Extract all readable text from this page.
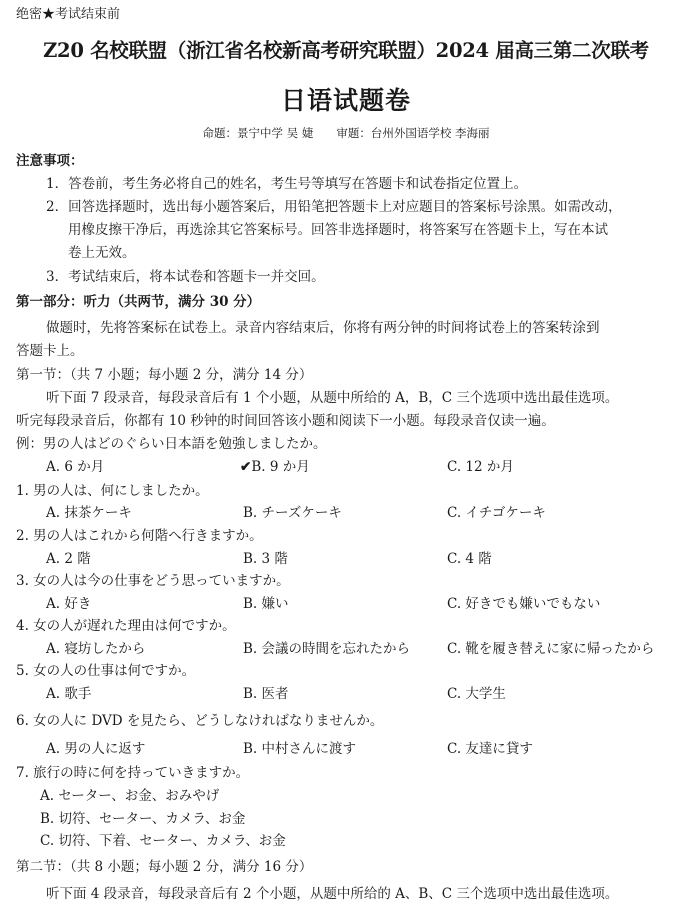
绝密★考试结束前
Z20 名校联盟（浙江省名校新高考研究联盟）2024 届高三第二次联考
日语试题卷
命题：景宁中学 吴 婕　　审题：台州外国语学校 李海丽
注意事项：
1．答卷前，考生务必将自己的姓名，考生号等填写在答题卡和试卷指定位置上。
2．回答选择题时，选出每小题答案后，用铅笔把答题卡上对应题目的答案标号涂黑。如需改动，
用橡皮擦干净后，再选涂其它答案标号。回答非选择题时，将答案写在答题卡上，写在本试
卷上无效。
3．考试结束后，将本试卷和答题卡一并交回。
第一部分：听力（共两节，满分 30 分）
做题时，先将答案标在试卷上。录音内容结束后，你将有两分钟的时间将试卷上的答案转涂到
答题卡上。
第一节：（共 7 小题；每小题 2 分，满分 14 分）
听下面 7 段录音，每段录音后有 1 个小题，从题中所给的 A，B，C 三个选项中选出最佳选项。
听完每段录音后，你都有 10 秒钟的时间回答该小题和阅读下一小题。每段录音仅读一遍。
例：男の人はどのぐらい日本語を勉強しましたか。
A. 6 か月	✔B. 9 か月	C. 12 か月
1. 男の人は、何にしましたか。
A. 抹茶ケーキ	B. チーズケーキ	C. イチゴケーキ
2. 男の人はこれから何階へ行きますか。
A. 2 階	B. 3 階	C. 4 階
3. 女の人は今の仕事をどう思っていますか。
A. 好き	B. 嫌い	C. 好きでも嫌いでもない
4. 女の人が遅れた理由は何ですか。
A. 寝坊したから	B. 会議の時間を忘れたから	C. 靴を履き替えに家に帰ったから
5. 女の人の仕事は何ですか。
A. 歌手	B. 医者	C. 大学生
6. 女の人に DVD を見たら、どうしなければなりませんか。
A. 男の人に返す	B. 中村さんに渡す	C. 友達に貸す
7. 旅行の時に何を持っていきますか。
A. セーター、お金、おみやげ
B. 切符、セーター、カメラ、お金
C. 切符、下着、セーター、カメラ、お金
第二节：（共 8 小题；每小题 2 分，满分 16 分）
听下面 4 段录音，每段录音后有 2 个小题，从题中所给的 A、B、C 三个选项中选出最佳选项。
